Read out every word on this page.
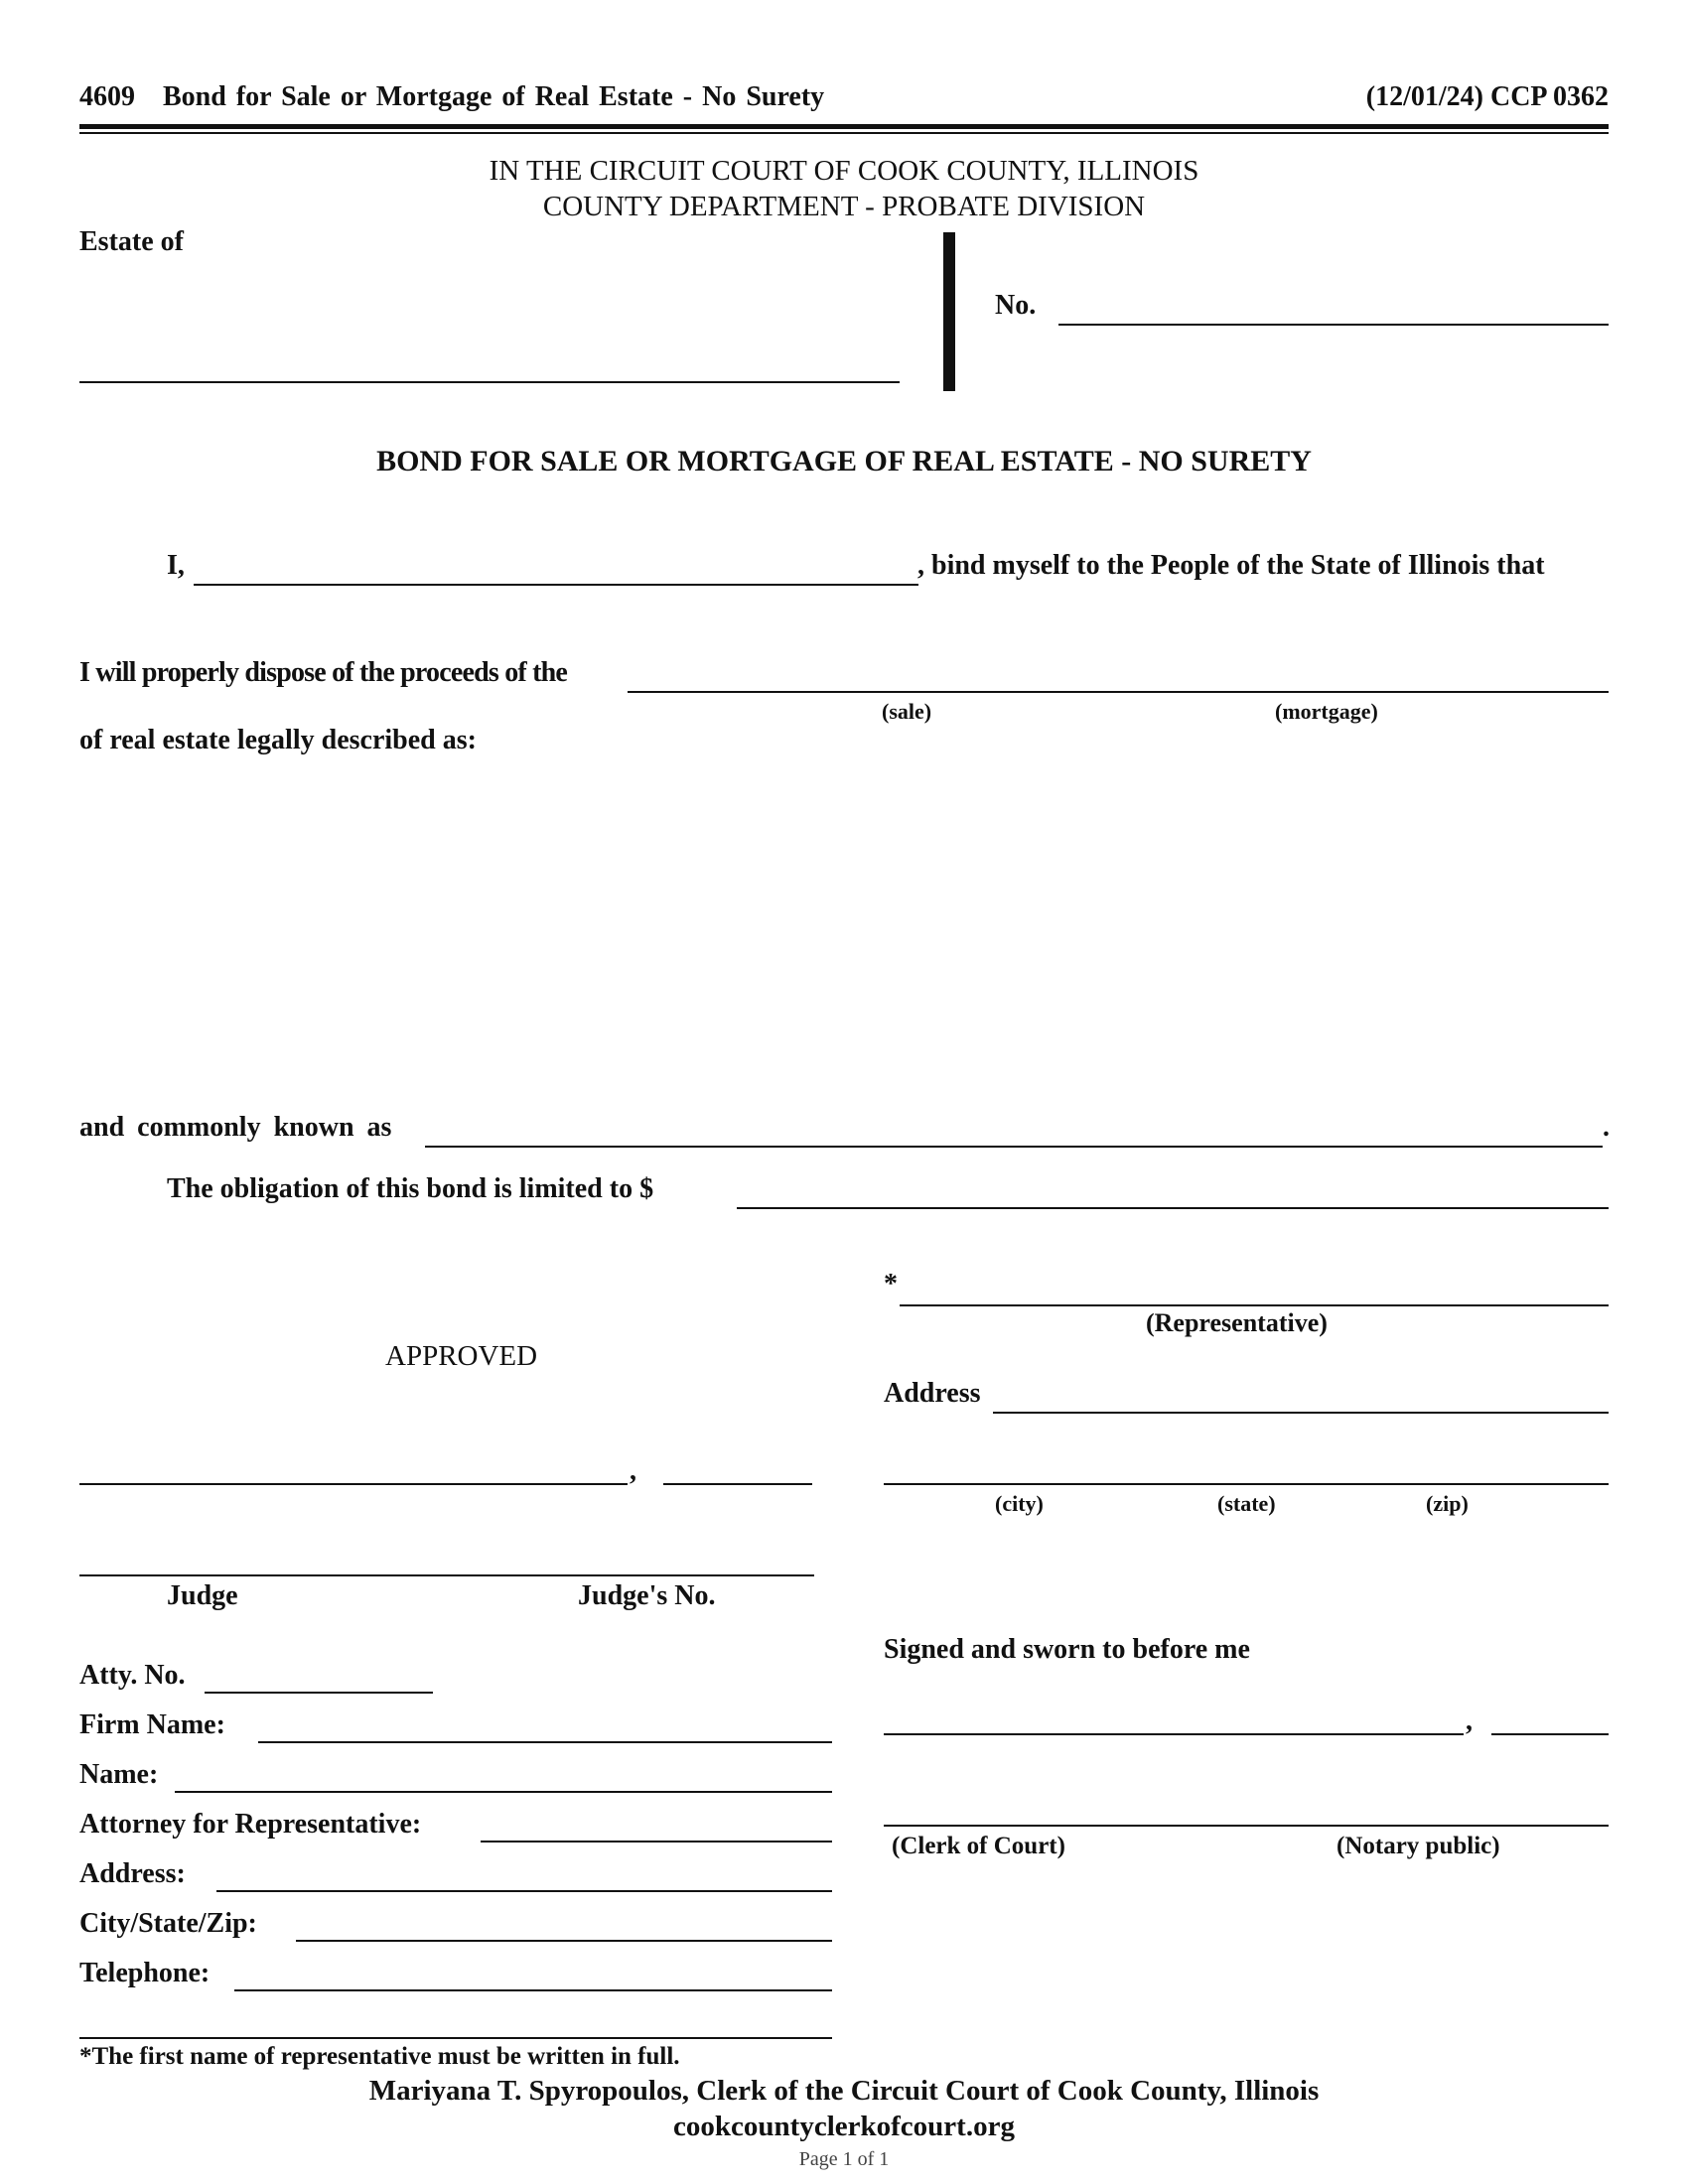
4609 Bond for Sale or Mortgage of Real Estate - No Surety	(12/01/24) CCP 0362
IN THE CIRCUIT COURT OF COOK COUNTY, ILLINOIS
COUNTY DEPARTMENT - PROBATE DIVISION
Estate of
No.
BOND FOR SALE OR MORTGAGE OF REAL ESTATE - NO SURETY
I,	, bind myself to the People of the State of Illinois that
I will properly dispose of the proceeds of the
(sale)	(mortgage)
of real estate legally described as:
and commonly known as	.
The obligation of this bond is limited to $
*
(Representative)
Address
(city)	(state)	(zip)
APPROVED
,
Judge	Judge's No.
Signed and sworn to before me
,
(Clerk of Court)	(Notary public)
Atty. No.
Firm Name:
Name:
Attorney for Representative:
Address:
City/State/Zip:
Telephone:
*The first name of representative must be written in full.
Mariyana T. Spyropoulos, Clerk of the Circuit Court of Cook County, Illinois
cookcountyclerkofcourt.org
Page 1 of 1
